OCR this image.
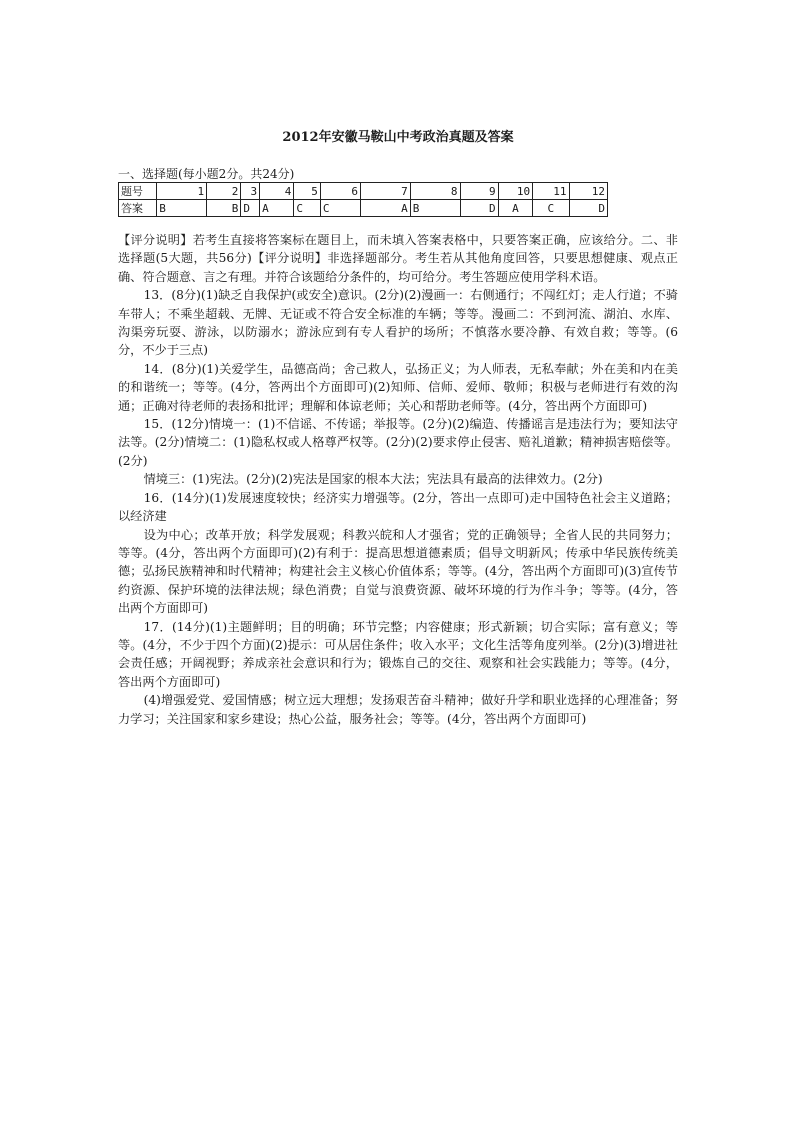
2012年安徽马鞍山中考政治真题及答案

一、选择题(每小题2分。共24分)

题号	1	2	3	4	5	6	7	8	9	10	11	12
答案	B	B	D	A	C	C	A	B	D	A	C	D

【评分说明】若考生直接将答案标在题目上，而未填入答案表格中，只要答案正确，应该给分。二、非选择题(5大题，共56分)【评分说明】非选择题部分。考生若从其他角度回答，只要思想健康、观点正确、符合题意、言之有理。并符合该题给分条件的，均可给分。考生答题应使用学科术语。

13．(8分)(1)缺乏自我保护(或安全)意识。(2分)(2)漫画一：右侧通行；不闯红灯；走人行道；不骑车带人；不乘坐超载、无牌、无证或不符合安全标准的车辆；等等。漫画二：不到河流、湖泊、水库、沟渠旁玩耍、游泳，以防溺水；游泳应到有专人看护的场所；不慎落水要冷静、有效自救；等等。(6分，不少于三点)

14．(8分)(1)关爱学生，品德高尚；舍己救人，弘扬正义；为人师表，无私奉献；外在美和内在美的和谐统一；等等。(4分，答两出个方面即可)(2)知师、信师、爱师、敬师；积极与老师进行有效的沟通；正确对待老师的表扬和批评；理解和体谅老师；关心和帮助老师等。(4分，答出两个方面即可)

15．(12分)情境一：(1)不信谣、不传谣；举报等。(2分)(2)编造、传播谣言是违法行为；要知法守法等。(2分)情境二：(1)隐私权或人格尊严权等。(2分)(2)要求停止侵害、赔礼道歉；精神损害赔偿等。(2分)

情境三：(1)宪法。(2分)(2)宪法是国家的根本大法；宪法具有最高的法律效力。(2分)

16．(14分)(1)发展速度较快；经济实力增强等。(2分，答出一点即可)走中国特色社会主义道路；以经济建

设为中心；改革开放；科学发展观；科教兴皖和人才强省；党的正确领导；全省人民的共同努力；等等。(4分，答出两个方面即可)(2)有利于：提高思想道德素质；倡导文明新风；传承中华民族传统美德；弘扬民族精神和时代精神；构建社会主义核心价值体系；等等。(4分，答出两个方面即可)(3)宣传节约资源、保护环境的法律法规；绿色消费；自觉与浪费资源、破坏环境的行为作斗争；等等。(4分，答出两个方面即可)

17．(14分)(1)主题鲜明；目的明确；环节完整；内容健康；形式新颖；切合实际；富有意义；等等。(4分，不少于四个方面)(2)提示：可从居住条件；收入水平；文化生活等角度列举。(2分)(3)增进社会责任感；开阔视野；养成亲社会意识和行为；锻炼自己的交往、观察和社会实践能力；等等。(4分，答出两个方面即可)

(4)增强爱党、爱国情感；树立远大理想；发扬艰苦奋斗精神；做好升学和职业选择的心理准备；努力学习；关注国家和家乡建设；热心公益，服务社会；等等。(4分，答出两个方面即可)
